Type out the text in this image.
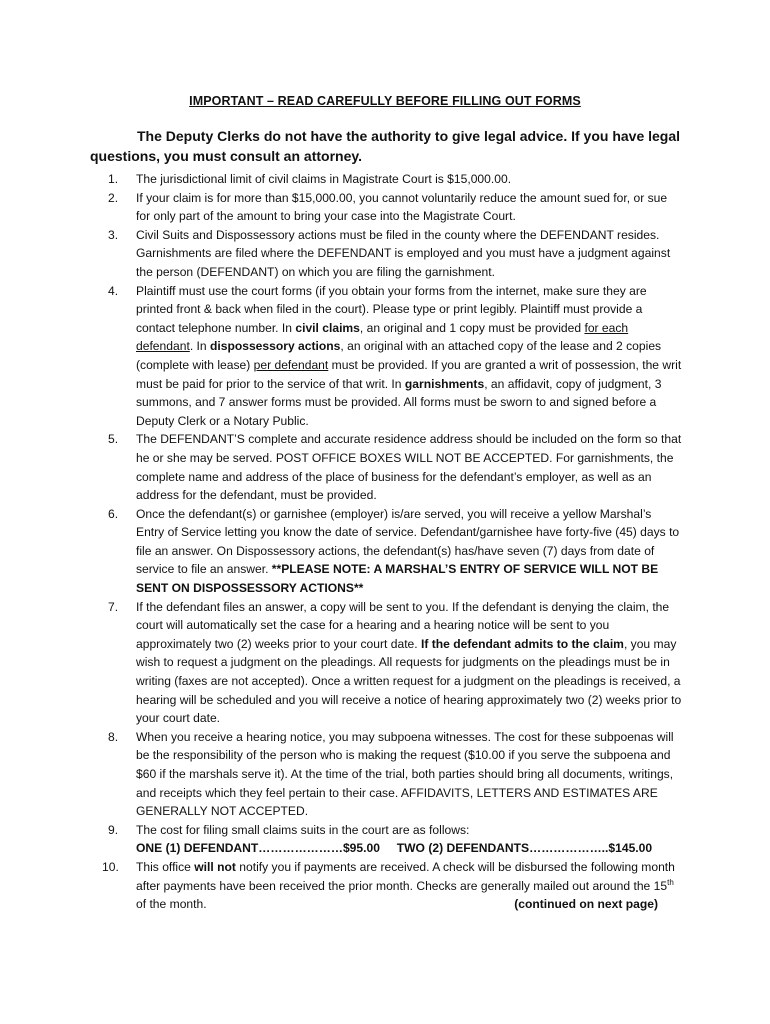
IMPORTANT – READ CAREFULLY BEFORE FILLING OUT FORMS
The Deputy Clerks do not have the authority to give legal advice. If you have legal questions, you must consult an attorney.
1. The jurisdictional limit of civil claims in Magistrate Court is $15,000.00.
2. If your claim is for more than $15,000.00, you cannot voluntarily reduce the amount sued for, or sue for only part of the amount to bring your case into the Magistrate Court.
3. Civil Suits and Dispossessory actions must be filed in the county where the DEFENDANT resides. Garnishments are filed where the DEFENDANT is employed and you must have a judgment against the person (DEFENDANT) on which you are filing the garnishment.
4. Plaintiff must use the court forms (if you obtain your forms from the internet, make sure they are printed front & back when filed in the court). Please type or print legibly. Plaintiff must provide a contact telephone number. In civil claims, an original and 1 copy must be provided for each defendant. In dispossessory actions, an original with an attached copy of the lease and 2 copies (complete with lease) per defendant must be provided. If you are granted a writ of possession, the writ must be paid for prior to the service of that writ. In garnishments, an affidavit, copy of judgment, 3 summons, and 7 answer forms must be provided. All forms must be sworn to and signed before a Deputy Clerk or a Notary Public.
5. The DEFENDANT’S complete and accurate residence address should be included on the form so that he or she may be served. POST OFFICE BOXES WILL NOT BE ACCEPTED. For garnishments, the complete name and address of the place of business for the defendant’s employer, as well as an address for the defendant, must be provided.
6. Once the defendant(s) or garnishee (employer) is/are served, you will receive a yellow Marshal’s Entry of Service letting you know the date of service. Defendant/garnishee have forty-five (45) days to file an answer. On Dispossessory actions, the defendant(s) has/have seven (7) days from date of service to file an answer. **PLEASE NOTE: A MARSHAL’S ENTRY OF SERVICE WILL NOT BE SENT ON DISPOSSESSORY ACTIONS**
7. If the defendant files an answer, a copy will be sent to you. If the defendant is denying the claim, the court will automatically set the case for a hearing and a hearing notice will be sent to you approximately two (2) weeks prior to your court date. If the defendant admits to the claim, you may wish to request a judgment on the pleadings. All requests for judgments on the pleadings must be in writing (faxes are not accepted). Once a written request for a judgment on the pleadings is received, a hearing will be scheduled and you will receive a notice of hearing approximately two (2) weeks prior to your court date.
8. When you receive a hearing notice, you may subpoena witnesses. The cost for these subpoenas will be the responsibility of the person who is making the request ($10.00 if you serve the subpoena and $60 if the marshals serve it). At the time of the trial, both parties should bring all documents, writings, and receipts which they feel pertain to their case. AFFIDAVITS, LETTERS AND ESTIMATES ARE GENERALLY NOT ACCEPTED.
9. The cost for filing small claims suits in the court are as follows:
ONE (1) DEFENDANT…………………$95.00 TWO (2) DEFENDANTS………………..$145.00
10. This office will not notify you if payments are received. A check will be disbursed the following month after payments have been received the prior month. Checks are generally mailed out around the 15th of the month.	(continued on next page)
